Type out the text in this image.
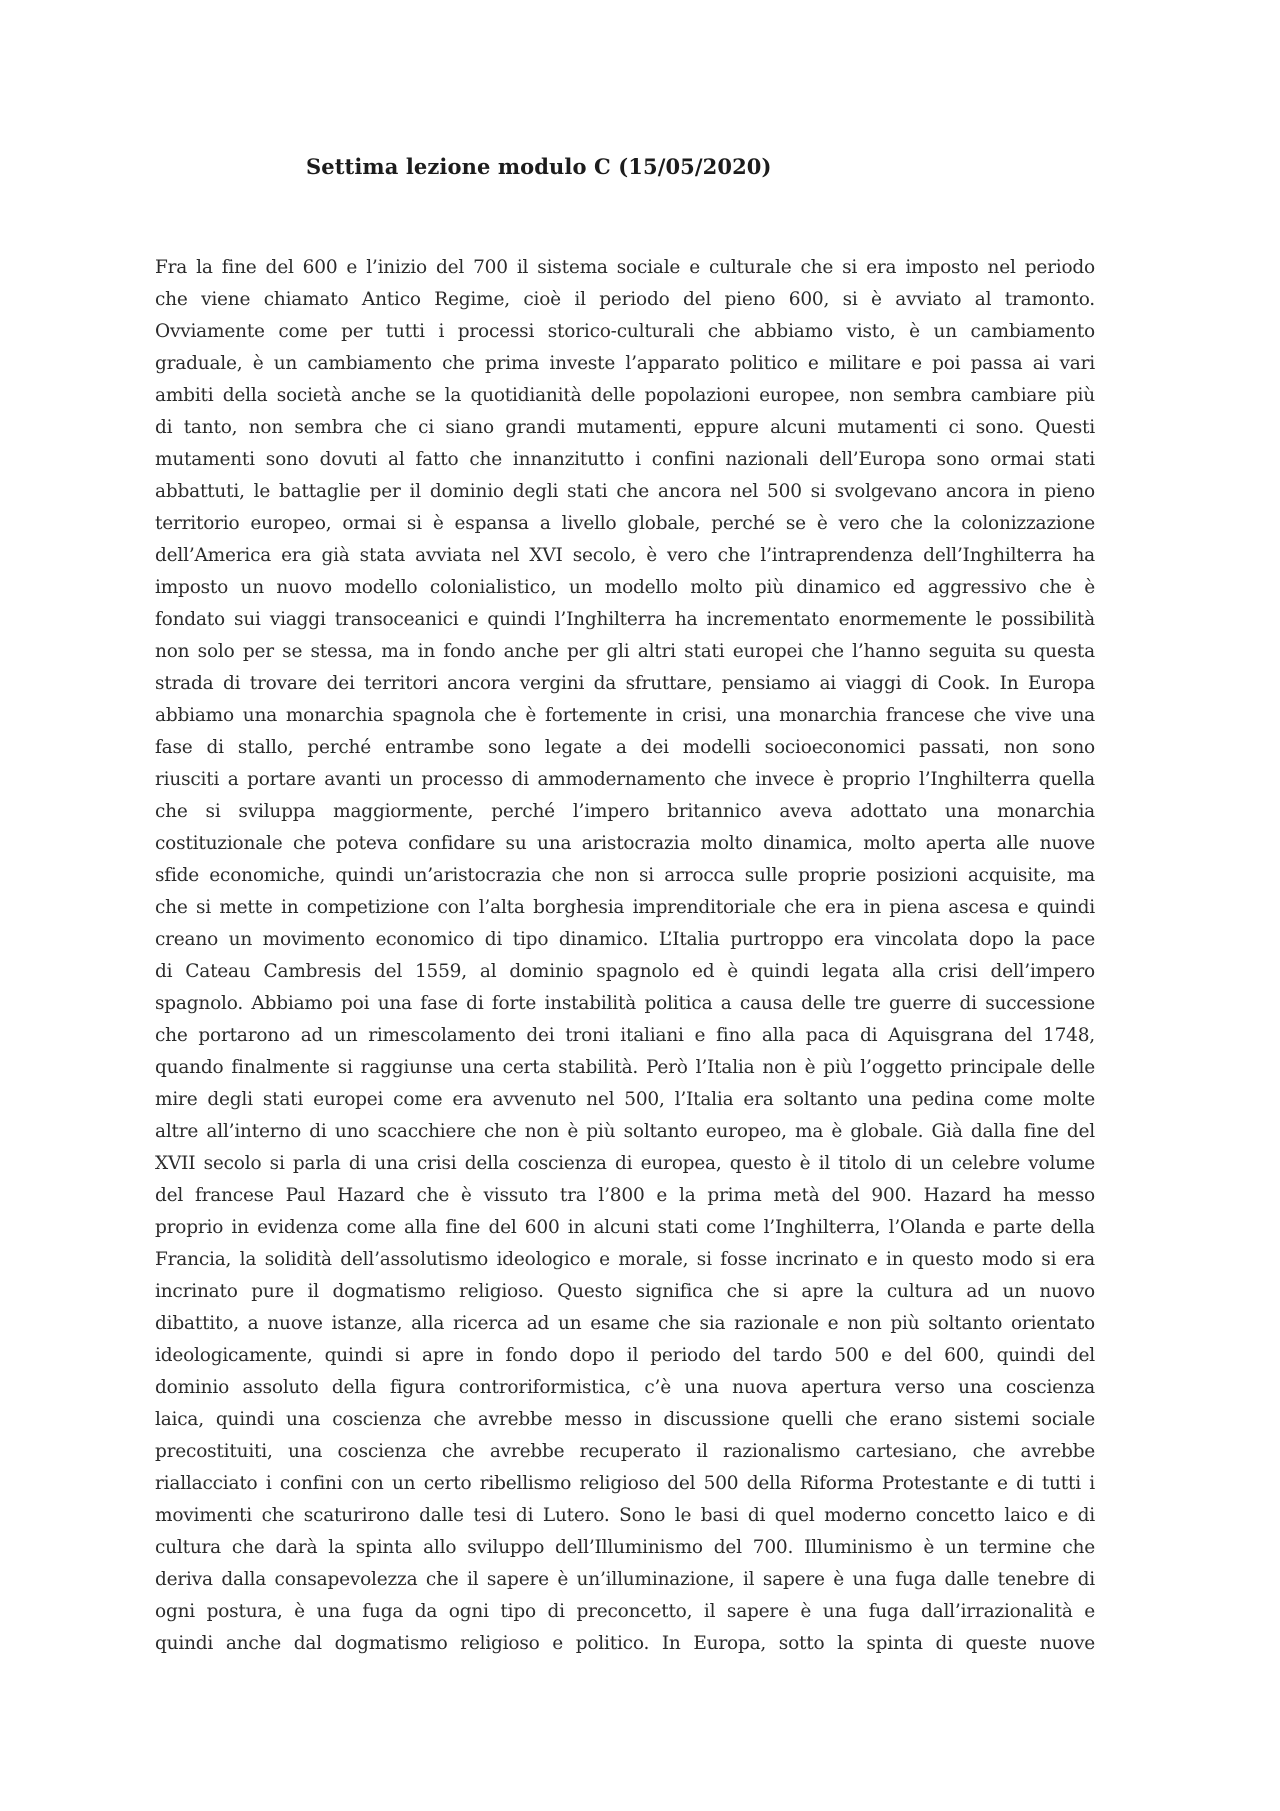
Settima lezione modulo C (15/05/2020)
Fra la fine del 600 e l’inizio del 700 il sistema sociale e culturale che si era imposto nel periodo
che viene chiamato Antico Regime, cioè il periodo del pieno 600, si è avviato al tramonto.
Ovviamente come per tutti i processi storico-culturali che abbiamo visto, è un cambiamento
graduale, è un cambiamento che prima investe l’apparato politico e militare e poi passa ai vari
ambiti della società anche se la quotidianità delle popolazioni europee, non sembra cambiare più
di tanto, non sembra che ci siano grandi mutamenti, eppure alcuni mutamenti ci sono. Questi
mutamenti sono dovuti al fatto che innanzitutto i confini nazionali dell’Europa sono ormai stati
abbattuti, le battaglie per il dominio degli stati che ancora nel 500 si svolgevano ancora in pieno
territorio europeo, ormai si è espansa a livello globale, perché se è vero che la colonizzazione
dell’America era già stata avviata nel XVI secolo, è vero che l’intraprendenza dell’Inghilterra ha
imposto un nuovo modello colonialistico, un modello molto più dinamico ed aggressivo che è
fondato sui viaggi transoceanici e quindi l’Inghilterra ha incrementato enormemente le possibilità
non solo per se stessa, ma in fondo anche per gli altri stati europei che l’hanno seguita su questa
strada di trovare dei territori ancora vergini da sfruttare, pensiamo ai viaggi di Cook. In Europa
abbiamo una monarchia spagnola che è fortemente in crisi, una monarchia francese che vive una
fase di stallo, perché entrambe sono legate a dei modelli socioeconomici passati, non sono
riusciti a portare avanti un processo di ammodernamento che invece è proprio l’Inghilterra quella
che si sviluppa maggiormente, perché l’impero britannico aveva adottato una monarchia
costituzionale che poteva confidare su una aristocrazia molto dinamica, molto aperta alle nuove
sfide economiche, quindi un’aristocrazia che non si arrocca sulle proprie posizioni acquisite, ma
che si mette in competizione con l’alta borghesia imprenditoriale che era in piena ascesa e quindi
creano un movimento economico di tipo dinamico. L’Italia purtroppo era vincolata dopo la pace
di Cateau Cambresis del 1559, al dominio spagnolo ed è quindi legata alla crisi dell’impero
spagnolo. Abbiamo poi una fase di forte instabilità politica a causa delle tre guerre di successione
che portarono ad un rimescolamento dei troni italiani e fino alla paca di Aquisgrana del 1748,
quando finalmente si raggiunse una certa stabilità. Però l’Italia non è più l’oggetto principale delle
mire degli stati europei come era avvenuto nel 500, l’Italia era soltanto una pedina come molte
altre all’interno di uno scacchiere che non è più soltanto europeo, ma è globale. Già dalla fine del
XVII secolo si parla di una crisi della coscienza di europea, questo è il titolo di un celebre volume
del francese Paul Hazard che è vissuto tra l’800 e la prima metà del 900. Hazard ha messo
proprio in evidenza come alla fine del 600 in alcuni stati come l’Inghilterra, l’Olanda e parte della
Francia, la solidità dell’assolutismo ideologico e morale, si fosse incrinato e in questo modo si era
incrinato pure il dogmatismo religioso. Questo significa che si apre la cultura ad un nuovo
dibattito, a nuove istanze, alla ricerca ad un esame che sia razionale e non più soltanto orientato
ideologicamente, quindi si apre in fondo dopo il periodo del tardo 500 e del 600, quindi del
dominio assoluto della figura controriformistica, c’è una nuova apertura verso una coscienza
laica, quindi una coscienza che avrebbe messo in discussione quelli che erano sistemi sociale
precostituiti, una coscienza che avrebbe recuperato il razionalismo cartesiano, che avrebbe
riallacciato i confini con un certo ribellismo religioso del 500 della Riforma Protestante e di tutti i
movimenti che scaturirono dalle tesi di Lutero. Sono le basi di quel moderno concetto laico e di
cultura che darà la spinta allo sviluppo dell’Illuminismo del 700. Illuminismo è un termine che
deriva dalla consapevolezza che il sapere è un’illuminazione, il sapere è una fuga dalle tenebre di
ogni postura, è una fuga da ogni tipo di preconcetto, il sapere è una fuga dall’irrazionalità e
quindi anche dal dogmatismo religioso e politico. In Europa, sotto la spinta di queste nuove
